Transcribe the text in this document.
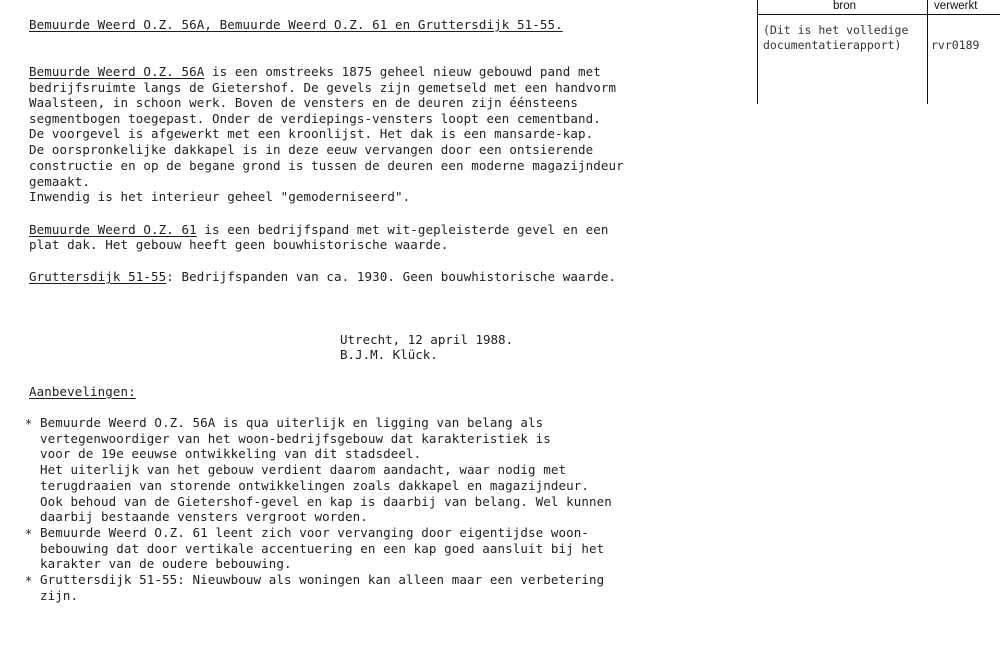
bron	verwerkt
(Dit is het volledige
documentatierapport)	rvr0189
Bemuurde Weerd O.Z. 56A, Bemuurde Weerd O.Z. 61 en Gruttersdijk 51-55.
Bemuurde Weerd O.Z. 56A is een omstreeks 1875 geheel nieuw gebouwd pand met
bedrijfsruimte langs de Gietershof. De gevels zijn gemetseld met een handvorm
Waalsteen, in schoon werk. Boven de vensters en de deuren zijn éénsteens
segmentbogen toegepast. Onder de verdiepings-vensters loopt een cementband.
De voorgevel is afgewerkt met een kroonlijst. Het dak is een mansarde-kap.
De oorspronkelijke dakkapel is in deze eeuw vervangen door een ontsierende
constructie en op de begane grond is tussen de deuren een moderne magazijndeur
gemaakt.
Inwendig is het interieur geheel "gemoderniseerd".
Bemuurde Weerd O.Z. 61 is een bedrijfspand met wit-gepleisterde gevel en een
plat dak. Het gebouw heeft geen bouwhistorische waarde.
Gruttersdijk 51-55: Bedrijfspanden van ca. 1930. Geen bouwhistorische waarde.
Utrecht, 12 april 1988.
B.J.M. Klück.
Aanbevelingen:
* Bemuurde Weerd O.Z. 56A is qua uiterlijk en ligging van belang als
vertegenwoordiger van het woon-bedrijfsgebouw dat karakteristiek is
voor de 19e eeuwse ontwikkeling van dit stadsdeel.
Het uiterlijk van het gebouw verdient daarom aandacht, waar nodig met
terugdraaien van storende ontwikkelingen zoals dakkapel en magazijndeur.
Ook behoud van de Gietershof-gevel en kap is daarbij van belang. Wel kunnen
daarbij bestaande vensters vergroot worden.
* Bemuurde Weerd O.Z. 61 leent zich voor vervanging door eigentijdse woon-
bebouwing dat door vertikale accentuering en een kap goed aansluit bij het
karakter van de oudere bebouwing.
* Gruttersdijk 51-55: Nieuwbouw als woningen kan alleen maar een verbetering
zijn.
